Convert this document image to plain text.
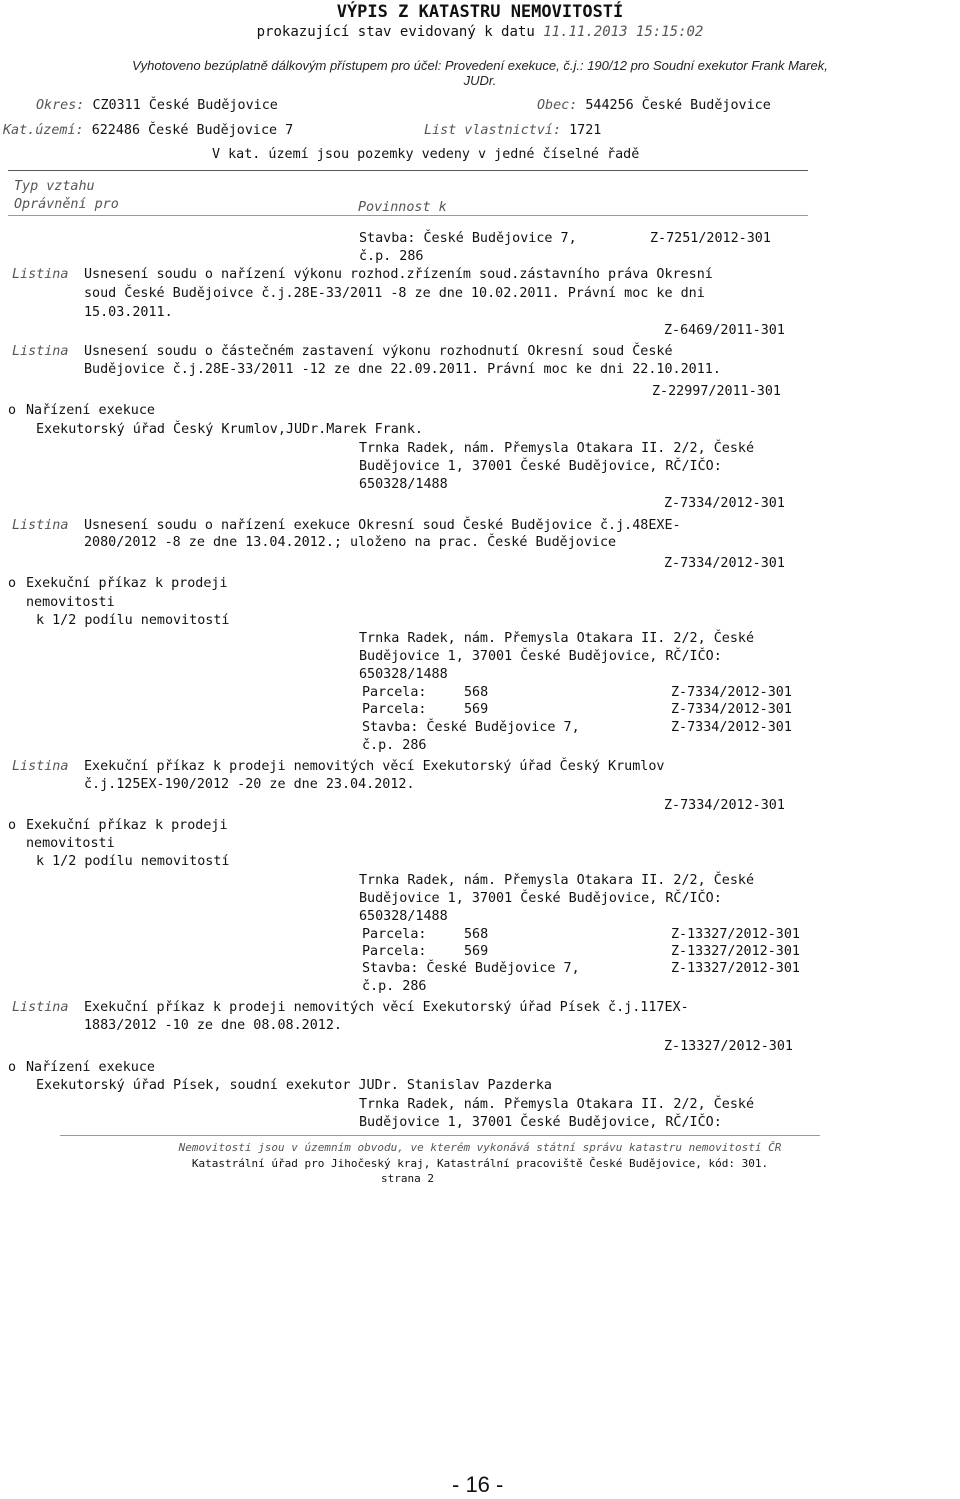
VÝPIS Z KATASTRU NEMOVITOSTÍ
prokazující stav evidovaný k datu 11.11.2013 15:15:02
Vyhotoveno bezúplatně dálkovým přístupem pro účel: Provedení exekuce, č.j.: 190/12 pro Soudní exekutor Frank Marek,
JUDr.
Okres: CZ0311 České Budějovice	Obec: 544256 České Budějovice
Kat.území: 622486 České Budějovice 7	List vlastnictví: 1721
V kat. území jsou pozemky vedeny v jedné číselné řadě
Typ vztahu
Oprávnění pro	Povinnost k
Stavba: České Budějovice 7,	Z-7251/2012-301
č.p. 286
Listina Usnesení soudu o nařízení výkonu rozhod.zřízením soud.zástavního práva Okresní
soud České Budějoivce č.j.28E-33/2011 -8 ze dne 10.02.2011. Právní moc ke dni
15.03.2011.
Z-6469/2011-301
Listina Usnesení soudu o částečném zastavení výkonu rozhodnutí Okresní soud České
Budějovice č.j.28E-33/2011 -12 ze dne 22.09.2011. Právní moc ke dni 22.10.2011.
Z-22997/2011-301
o Nařízení exekuce
Exekutorský úřad Český Krumlov,JUDr.Marek Frank.
Trnka Radek, nám. Přemysla Otakara II. 2/2, České
Budějovice 1, 37001 České Budějovice, RČ/IČO:
650328/1488
Z-7334/2012-301
Listina Usnesení soudu o nařízení exekuce Okresní soud České Budějovice č.j.48EXE-
2080/2012 -8 ze dne 13.04.2012.; uloženo na prac. České Budějovice
Z-7334/2012-301
o Exekuční příkaz k prodeji
nemovitosti
k 1/2 podílu nemovitostí
Trnka Radek, nám. Přemysla Otakara II. 2/2, České
Budějovice 1, 37001 České Budějovice, RČ/IČO:
650328/1488
Parcela:	568	Z-7334/2012-301
Parcela:	569	Z-7334/2012-301
Stavba: České Budějovice 7,	Z-7334/2012-301
č.p. 286
Listina Exekuční příkaz k prodeji nemovitých věcí Exekutorský úřad Český Krumlov
č.j.125EX-190/2012 -20 ze dne 23.04.2012.
Z-7334/2012-301
o Exekuční příkaz k prodeji
nemovitosti
k 1/2 podílu nemovitostí
Trnka Radek, nám. Přemysla Otakara II. 2/2, České
Budějovice 1, 37001 České Budějovice, RČ/IČO:
650328/1488
Parcela:	568	Z-13327/2012-301
Parcela:	569	Z-13327/2012-301
Stavba: České Budějovice 7,	Z-13327/2012-301
č.p. 286
Listina Exekuční příkaz k prodeji nemovitých věcí Exekutorský úřad Písek č.j.117EX-
1883/2012 -10 ze dne 08.08.2012.
Z-13327/2012-301
o Nařízení exekuce
Exekutorský úřad Písek, soudní exekutor JUDr. Stanislav Pazderka
Trnka Radek, nám. Přemysla Otakara II. 2/2, České
Budějovice 1, 37001 České Budějovice, RČ/IČO:
Nemovitosti jsou v územním obvodu, ve kterém vykonává státní správu katastru nemovitostí ČR
Katastrální úřad pro Jihočeský kraj, Katastrální pracoviště České Budějovice, kód: 301.
strana 2
- 16 -
